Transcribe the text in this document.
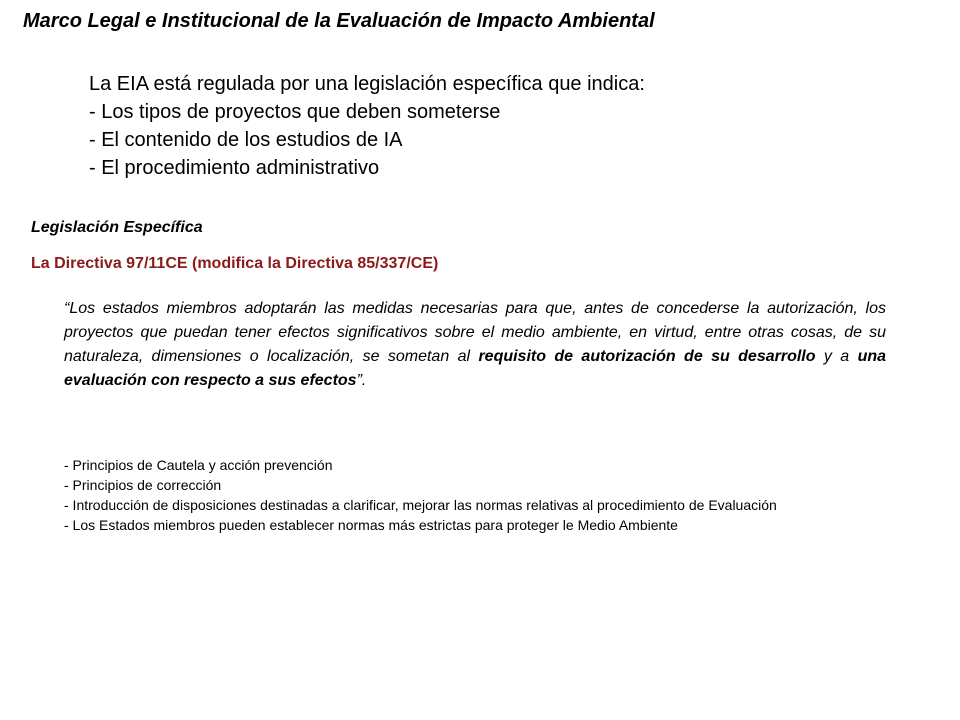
Marco Legal e Institucional de la Evaluación de Impacto Ambiental
La EIA está regulada por una legislación específica que indica:
- Los tipos de proyectos que deben someterse
- El contenido de los estudios de IA
- El procedimiento administrativo
Legislación Específica
La Directiva 97/11CE (modifica la Directiva 85/337/CE)
“Los estados miembros adoptarán las medidas necesarias para que, antes de concederse la autorización, los proyectos que puedan tener efectos significativos sobre el medio ambiente, en virtud, entre otras cosas, de su naturaleza, dimensiones o localización, se sometan al requisito de autorización de su desarrollo y a una evaluación con respecto a sus efectos”.
- Principios de Cautela y acción prevención
- Principios de corrección
- Introducción de disposiciones destinadas a clarificar, mejorar las normas relativas al procedimiento de Evaluación
- Los Estados miembros pueden establecer normas más estrictas para proteger le Medio Ambiente
